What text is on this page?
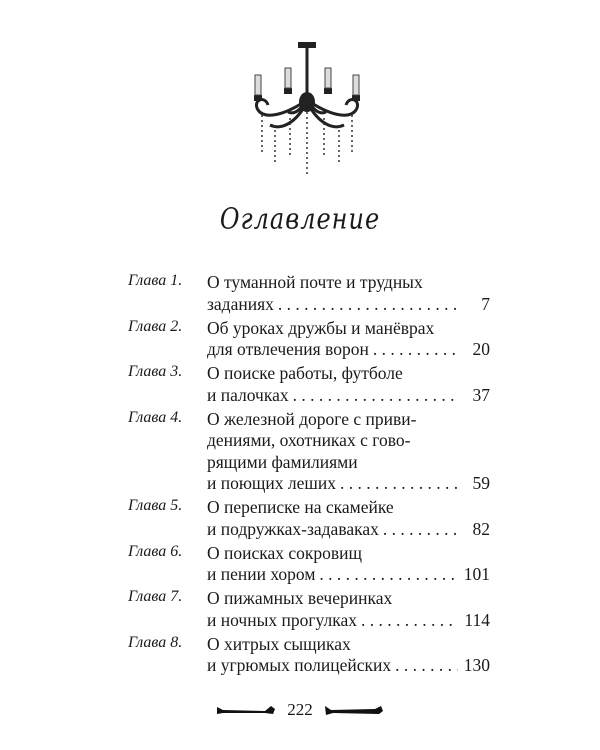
Оглавление
Глава 1. О туманной почте и трудных
заданиях . . .	7
Глава 2. Об уроках дружбы и манёврах
для отвлечения ворон . . .	20
Глава 3. О поиске работы, футболе
и палочках . . .	37
Глава 4. О железной дороге с приви-
дениями, охотниках с гово-
рящими фамилиями
и поющих леших . . .	59
Глава 5. О переписке на скамейке
и подружках-задаваках . . .	82
Глава 6. О поисках сокровищ
и пении хором . . .	101
Глава 7. О пижамных вечеринках
и ночных прогулках . . .	114
Глава 8. О хитрых сыщиках
и угрюмых полицейских . . .	130
222
